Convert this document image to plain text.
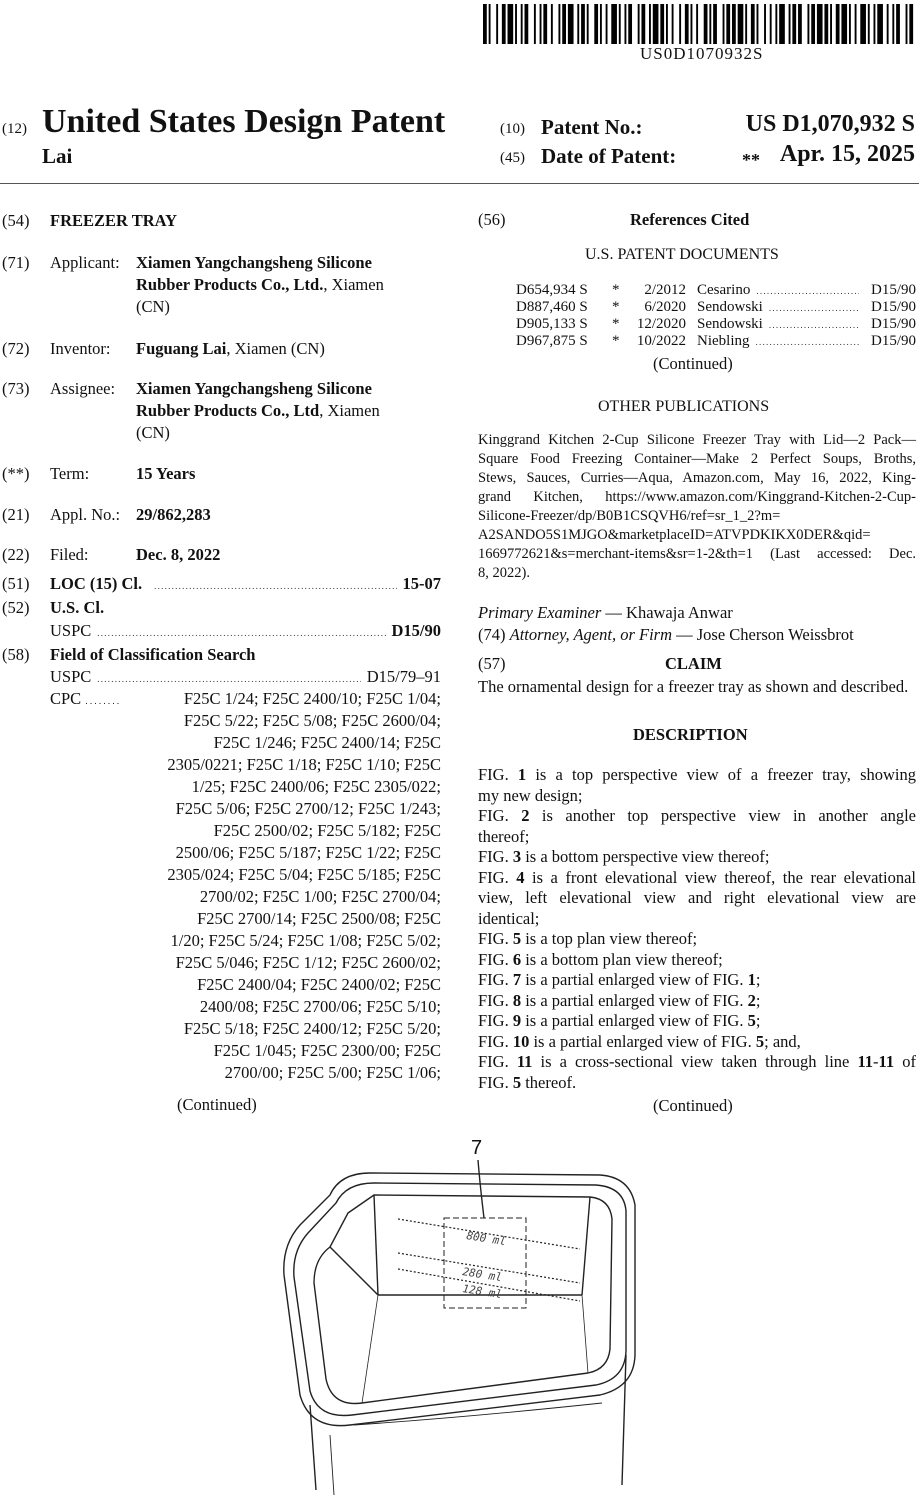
US0D1070932S
(12) United States Design Patent
Lai
(10) Patent No.:	US D1,070,932 S
(45) Date of Patent:	** Apr. 15, 2025
(54) FREEZER TRAY
(71) Applicant: Xiamen Yangchangsheng Silicone
Rubber Products Co., Ltd., Xiamen
(CN)
(72) Inventor: Fuguang Lai, Xiamen (CN)
(73) Assignee: Xiamen Yangchangsheng Silicone
Rubber Products Co., Ltd, Xiamen
(CN)
(**) Term:	15 Years
(21) Appl. No.: 29/862,283
(22) Filed:	Dec. 8, 2022
(51) LOC (15) Cl. . . .	15-07
(52) U.S. Cl.
USPC . . .	D15/90
(58) Field of Classification Search
USPC . . .	D15/79–91
CPC . . . . . . . .	F25C 1/24; F25C 2400/10; F25C 1/04;
F25C 5/22; F25C 5/08; F25C 2600/04;
F25C 1/246; F25C 2400/14; F25C
2305/0221; F25C 1/18; F25C 1/10; F25C
1/25; F25C 2400/06; F25C 2305/022;
F25C 5/06; F25C 2700/12; F25C 1/243;
F25C 2500/02; F25C 5/182; F25C
2500/06; F25C 5/187; F25C 1/22; F25C
2305/024; F25C 5/04; F25C 5/185; F25C
2700/02; F25C 1/00; F25C 2700/04;
F25C 2700/14; F25C 2500/08; F25C
1/20; F25C 5/24; F25C 1/08; F25C 5/02;
F25C 5/046; F25C 1/12; F25C 2600/02;
F25C 2400/04; F25C 2400/02; F25C
2400/08; F25C 2700/06; F25C 5/10;
F25C 5/18; F25C 2400/12; F25C 5/20;
F25C 1/045; F25C 2300/00; F25C
2700/00; F25C 5/00; F25C 1/06;
(Continued)
(56)	References Cited
U.S. PATENT DOCUMENTS
D654,934 S *	2/2012 Cesarino . . .	D15/90
D887,460 S *	6/2020 Sendowski . . .	D15/90
D905,133 S *	12/2020 Sendowski . . .	D15/90
D967,875 S *	10/2022 Niebling . . .	D15/90
(Continued)
OTHER PUBLICATIONS
Kinggrand Kitchen 2-Cup Silicone Freezer Tray with Lid—2 Pack—
Square Food Freezing Container—Make 2 Perfect Soups, Broths,
Stews, Sauces, Curries—Aqua, Amazon.com, May 16, 2022, King-
grand Kitchen, https://www.amazon.com/Kinggrand-Kitchen-2-Cup-
Silicone-Freezer/dp/B0B1CSQVH6/ref=sr_1_2?m=
A2SANDO5S1MJGO&marketplaceID=ATVPDKIKX0DER&qid=
1669772621&s=merchant-items&sr=1-2&th=1 (Last accessed: Dec.
8, 2022).
Primary Examiner — Khawaja Anwar
(74) Attorney, Agent, or Firm — Jose Cherson Weissbrot
(57)	CLAIM
The ornamental design for a freezer tray as shown and described.
DESCRIPTION
FIG. 1 is a top perspective view of a freezer tray, showing
my new design;
FIG. 2 is another top perspective view in another angle
thereof;
FIG. 3 is a bottom perspective view thereof;
FIG. 4 is a front elevational view thereof, the rear elevational
view, left elevational view and right elevational view are
identical;
FIG. 5 is a top plan view thereof;
FIG. 6 is a bottom plan view thereof;
FIG. 7 is a partial enlarged view of FIG. 1;
FIG. 8 is a partial enlarged view of FIG. 2;
FIG. 9 is a partial enlarged view of FIG. 5;
FIG. 10 is a partial enlarged view of FIG. 5; and,
FIG. 11 is a cross-sectional view taken through line 11-11 of
FIG. 5 thereof.
(Continued)
7
800 ml
280 ml
128 ml
